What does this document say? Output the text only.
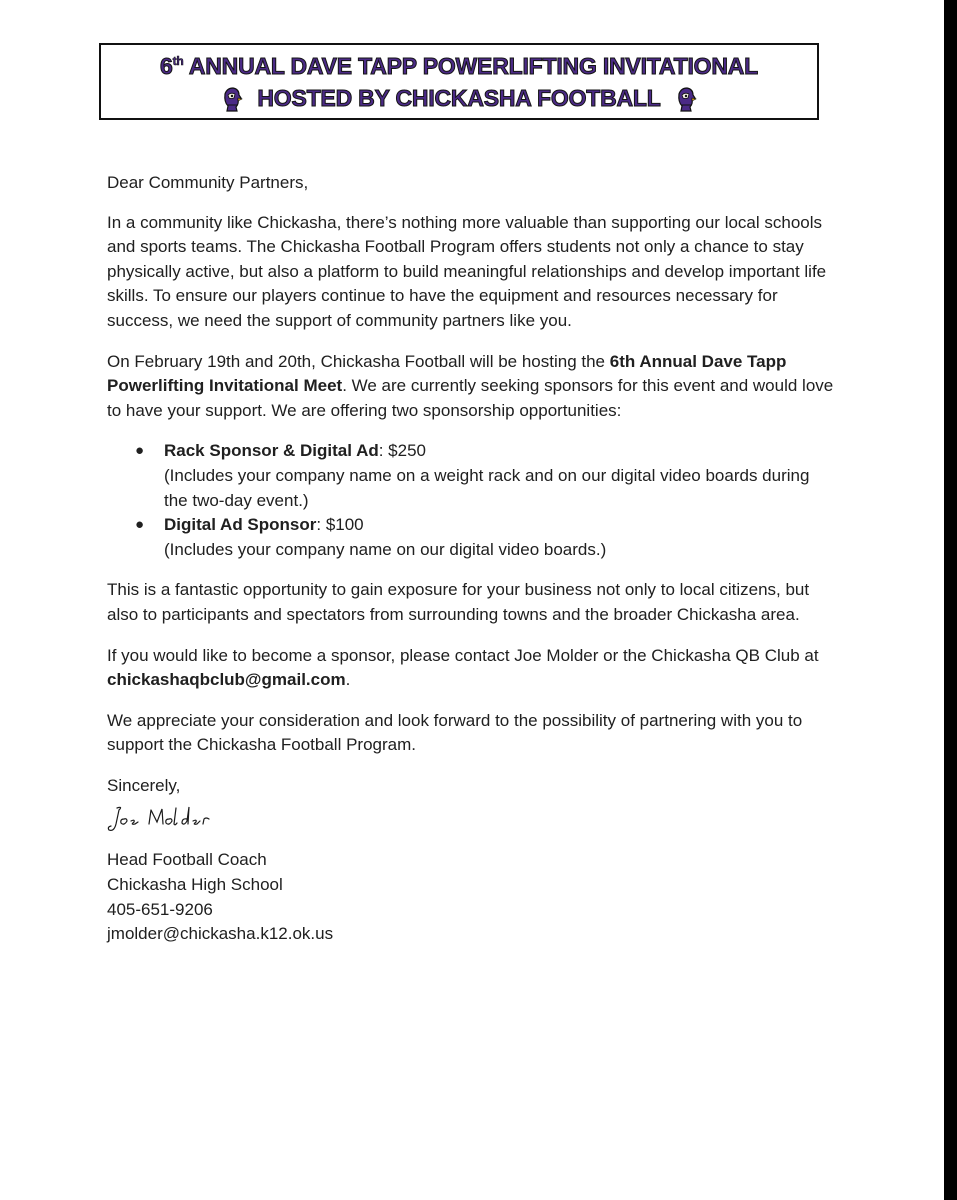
6th ANNUAL DAVE TAPP POWERLIFTING INVITATIONAL
HOSTED BY CHICKASHA FOOTBALL

Dear Community Partners,

In a community like Chickasha, there’s nothing more valuable than supporting our local schools and sports teams. The Chickasha Football Program offers students not only a chance to stay physically active, but also a platform to build meaningful relationships and develop important life skills. To ensure our players continue to have the equipment and resources necessary for success, we need the support of community partners like you.

On February 19th and 20th, Chickasha Football will be hosting the 6th Annual Dave Tapp Powerlifting Invitational Meet. We are currently seeking sponsors for this event and would love to have your support. We are offering two sponsorship opportunities:

● Rack Sponsor & Digital Ad: $250
(Includes your company name on a weight rack and on our digital video boards during the two-day event.)
● Digital Ad Sponsor: $100
(Includes your company name on our digital video boards.)

This is a fantastic opportunity to gain exposure for your business not only to local citizens, but also to participants and spectators from surrounding towns and the broader Chickasha area.

If you would like to become a sponsor, please contact Joe Molder or the Chickasha QB Club at chickashaqbclub@gmail.com.

We appreciate your consideration and look forward to the possibility of partnering with you to support the Chickasha Football Program.

Sincerely,

Head Football Coach

Chickasha High School

405-651-9206

jmolder@chickasha.k12.ok.us
